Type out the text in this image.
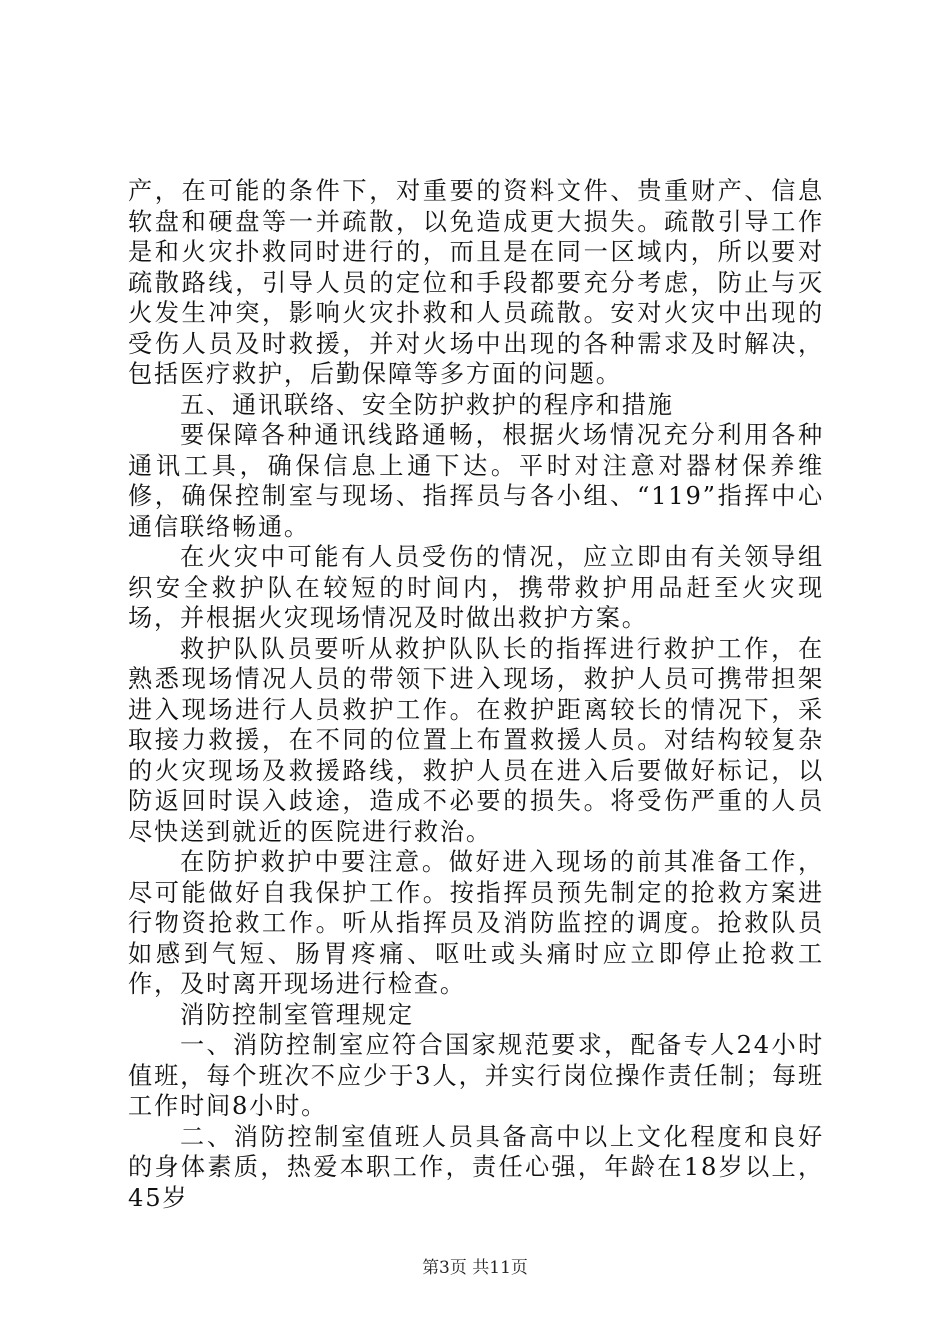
产，在可能的条件下，对重要的资料文件、贵重财产、信息软盘和硬盘等一并疏散，以免造成更大损失。疏散引导工作是和火灾扑救同时进行的，而且是在同一区域内，所以要对疏散路线，引导人员的定位和手段都要充分考虑，防止与灭火发生冲突，影响火灾扑救和人员疏散。安对火灾中出现的受伤人员及时救援，并对火场中出现的各种需求及时解决，包括医疗救护，后勤保障等多方面的问题。

五、通讯联络、安全防护救护的程序和措施

要保障各种通讯线路通畅，根据火场情况充分利用各种通讯工具，确保信息上通下达。平时对注意对器材保养维修，确保控制室与现场、指挥员与各小组、“119”指挥中心通信联络畅通。

在火灾中可能有人员受伤的情况，应立即由有关领导组织安全救护队在较短的时间内，携带救护用品赶至火灾现场，并根据火灾现场情况及时做出救护方案。

救护队队员要听从救护队队长的指挥进行救护工作，在熟悉现场情况人员的带领下进入现场，救护人员可携带担架进入现场进行人员救护工作。在救护距离较长的情况下，采取接力救援，在不同的位置上布置救援人员。对结构较复杂的火灾现场及救援路线，救护人员在进入后要做好标记，以防返回时误入歧途，造成不必要的损失。将受伤严重的人员尽快送到就近的医院进行救治。

在防护救护中要注意。做好进入现场的前其准备工作，尽可能做好自我保护工作。按指挥员预先制定的抢救方案进行物资抢救工作。听从指挥员及消防监控的调度。抢救队员如感到气短、肠胃疼痛、呕吐或头痛时应立即停止抢救工作，及时离开现场进行检查。

消防控制室管理规定

一、消防控制室应符合国家规范要求，配备专人24小时值班，每个班次不应少于3人，并实行岗位操作责任制；每班工作时间8小时。

二、消防控制室值班人员具备高中以上文化程度和良好的身体素质，热爱本职工作，责任心强，年龄在18岁以上，45岁

第3页 共11页
